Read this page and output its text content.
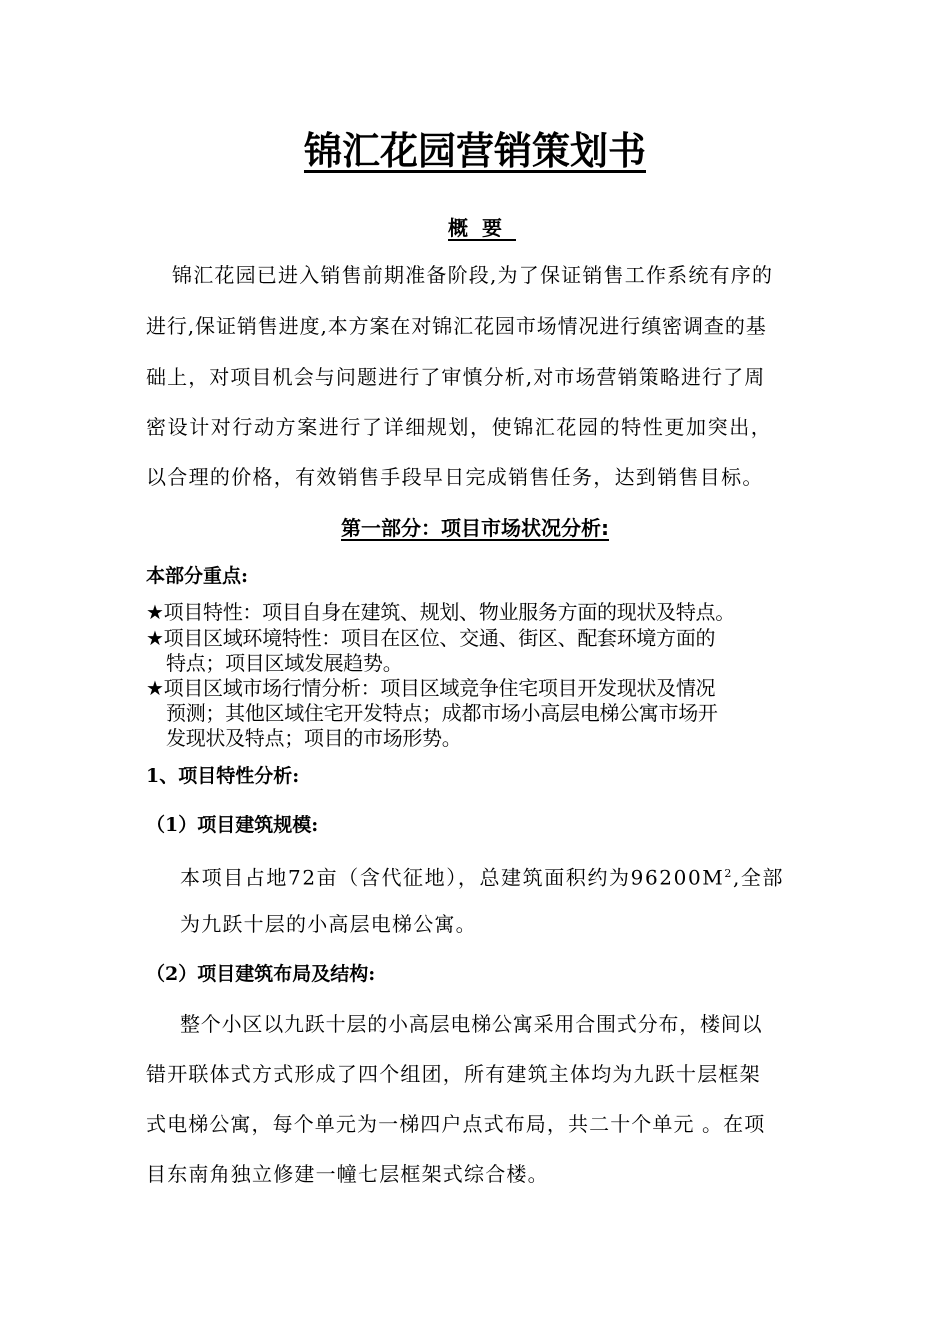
锦汇花园营销策划书
概要
锦汇花园已进入销售前期准备阶段,为了保证销售工作系统有序的
进行,保证销售进度,本方案在对锦汇花园市场情况进行缜密调查的基
础上，对项目机会与问题进行了审慎分析,对市场营销策略进行了周
密设计对行动方案进行了详细规划，使锦汇花园的特性更加突出，
以合理的价格，有效销售手段早日完成销售任务，达到销售目标。
第一部分：项目市场状况分析:
本部分重点:
★项目特性：项目自身在建筑、规划、物业服务方面的现状及特点。
★项目区域环境特性：项目在区位、交通、街区、配套环境方面的
特点；项目区域发展趋势。
★项目区域市场行情分析：项目区域竞争住宅项目开发现状及情况
预测；其他区域住宅开发特点；成都市场小高层电梯公寓市场开
发现状及特点；项目的市场形势。
1、项目特性分析:
（1）项目建筑规模:
本项目占地72亩（含代征地），总建筑面积约为$96200M^2$,全部
为九跃十层的小高层电梯公寓。
（2）项目建筑布局及结构:
整个小区以九跃十层的小高层电梯公寓采用合围式分布，楼间以
错开联体式方式形成了四个组团，所有建筑主体均为九跃十层框架
式电梯公寓，每个单元为一梯四户点式布局，共二十个单元 。在项
目东南角独立修建一幢七层框架式综合楼。
